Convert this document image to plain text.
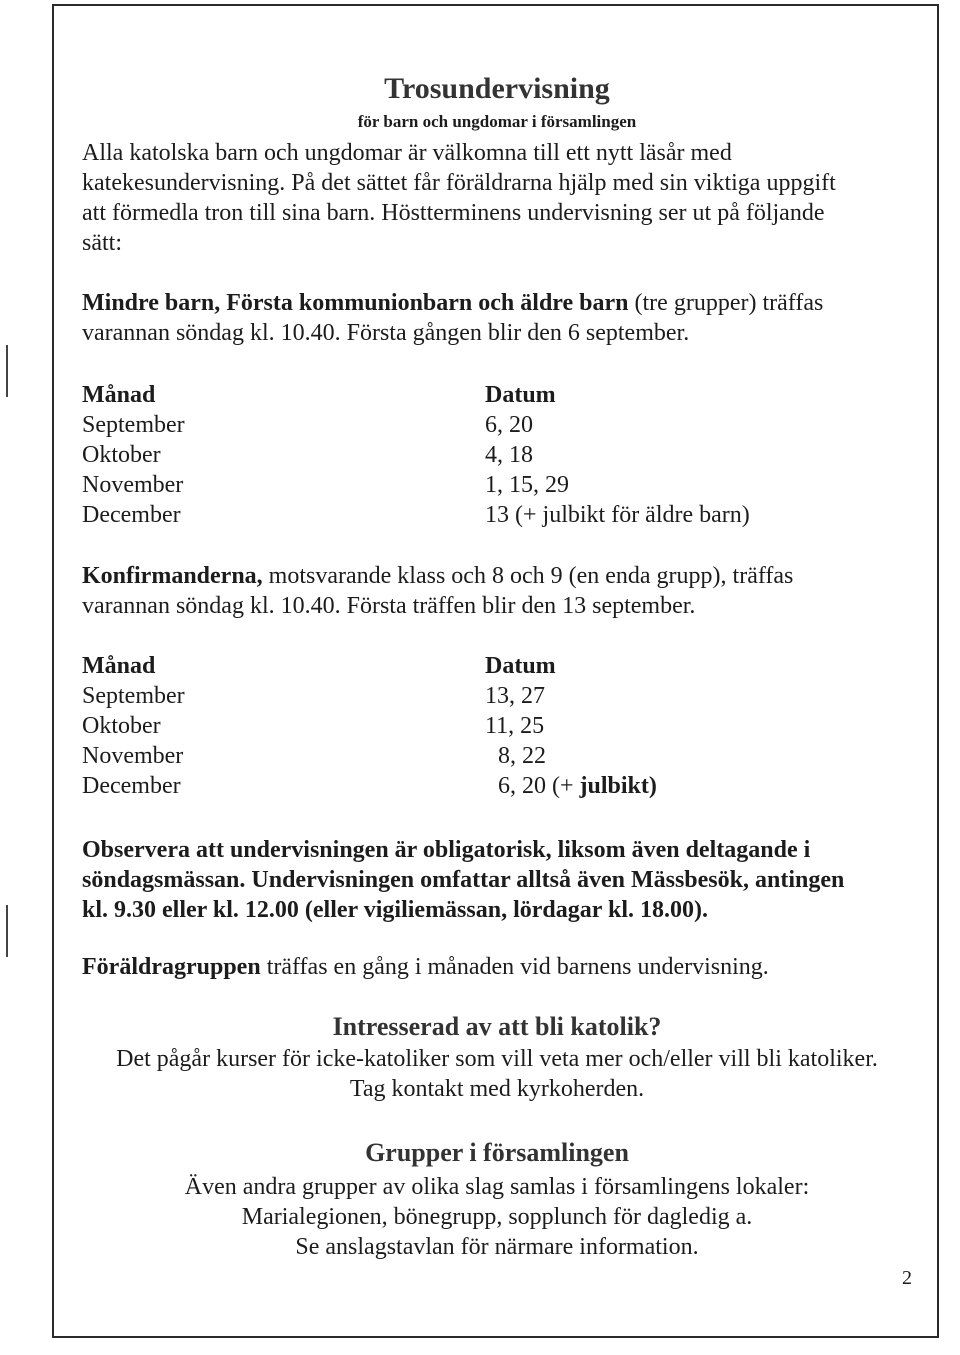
Trosundervisning
för barn och ungdomar i församlingen
Alla katolska barn och ungdomar är välkomna till ett nytt läsår med
katekesundervisning. På det sättet får föräldrarna hjälp med sin viktiga uppgift
att förmedla tron till sina barn. Höstterminens undervisning ser ut på följande
sätt:
Mindre barn, Första kommunionbarn och äldre barn (tre grupper) träffas
varannan söndag kl. 10.40. Första gången blir den 6 september.
Månad	Datum
September	6, 20
Oktober	4, 18
November	1, 15, 29
December	13 (+ julbikt för äldre barn)
Konfirmanderna, motsvarande klass och 8 och 9 (en enda grupp), träffas
varannan söndag kl. 10.40. Första träffen blir den 13 september.
Månad	Datum
September	13, 27
Oktober	11, 25
November	8, 22
December	6, 20 (+ julbikt)
Observera att undervisningen är obligatorisk, liksom även deltagande i
söndagsmässan. Undervisningen omfattar alltså även Mässbesök, antingen
kl. 9.30 eller kl. 12.00 (eller vigiliemässan, lördagar kl. 18.00).
Föräldragruppen träffas en gång i månaden vid barnens undervisning.
Intresserad av att bli katolik?
Det pågår kurser för icke-katoliker som vill veta mer och/eller vill bli katoliker.
Tag kontakt med kyrkoherden.
Grupper i församlingen
Även andra grupper av olika slag samlas i församlingens lokaler:
Marialegionen, bönegrupp, sopplunch för dagledig a.
Se anslagstavlan för närmare information.
2
